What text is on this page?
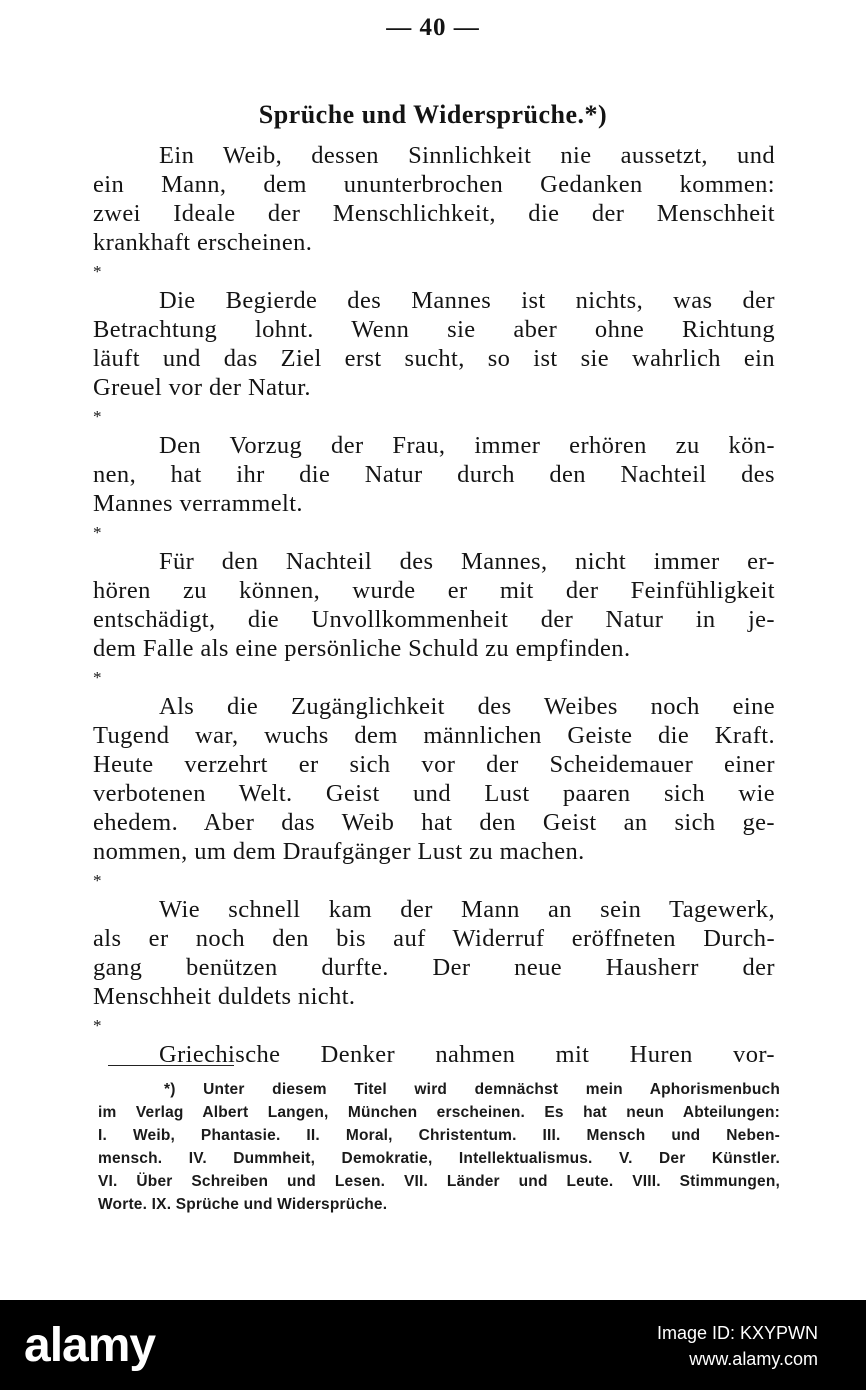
— 40 —
Sprüche und Widersprüche.*)
Ein Weib, dessen Sinnlichkeit nie aussetzt, und
ein Mann, dem ununterbrochen Gedanken kommen:
zwei Ideale der Menschlichkeit, die der Menschheit
krankhaft erscheinen.
*
Die Begierde des Mannes ist nichts, was der
Betrachtung lohnt. Wenn sie aber ohne Richtung
läuft und das Ziel erst sucht, so ist sie wahrlich ein
Greuel vor der Natur.
*
Den Vorzug der Frau, immer erhören zu kön-
nen, hat ihr die Natur durch den Nachteil des
Mannes verrammelt.
*
Für den Nachteil des Mannes, nicht immer er-
hören zu können, wurde er mit der Feinfühligkeit
entschädigt, die Unvollkommenheit der Natur in je-
dem Falle als eine persönliche Schuld zu empfinden.
*
Als die Zugänglichkeit des Weibes noch eine
Tugend war, wuchs dem männlichen Geiste die Kraft.
Heute verzehrt er sich vor der Scheidemauer einer
verbotenen Welt. Geist und Lust paaren sich wie
ehedem. Aber das Weib hat den Geist an sich ge-
nommen, um dem Draufgänger Lust zu machen.
*
Wie schnell kam der Mann an sein Tagewerk,
als er noch den bis auf Widerruf eröffneten Durch-
gang benützen durfte. Der neue Hausherr der
Menschheit duldets nicht.
*
Griechische Denker nahmen mit Huren vor-
*) Unter diesem Titel wird demnächst mein Aphorismenbuch
im Verlag Albert Langen, München erscheinen. Es hat neun Abteilungen:
I. Weib, Phantasie. II. Moral, Christentum. III. Mensch und Neben-
mensch. IV. Dummheit, Demokratie, Intellektualismus. V. Der Künstler.
VI. Über Schreiben und Lesen. VII. Länder und Leute. VIII. Stimmungen,
Worte. IX. Sprüche und Widersprüche.
alamy	Image ID: KXYPWN
www.alamy.com
